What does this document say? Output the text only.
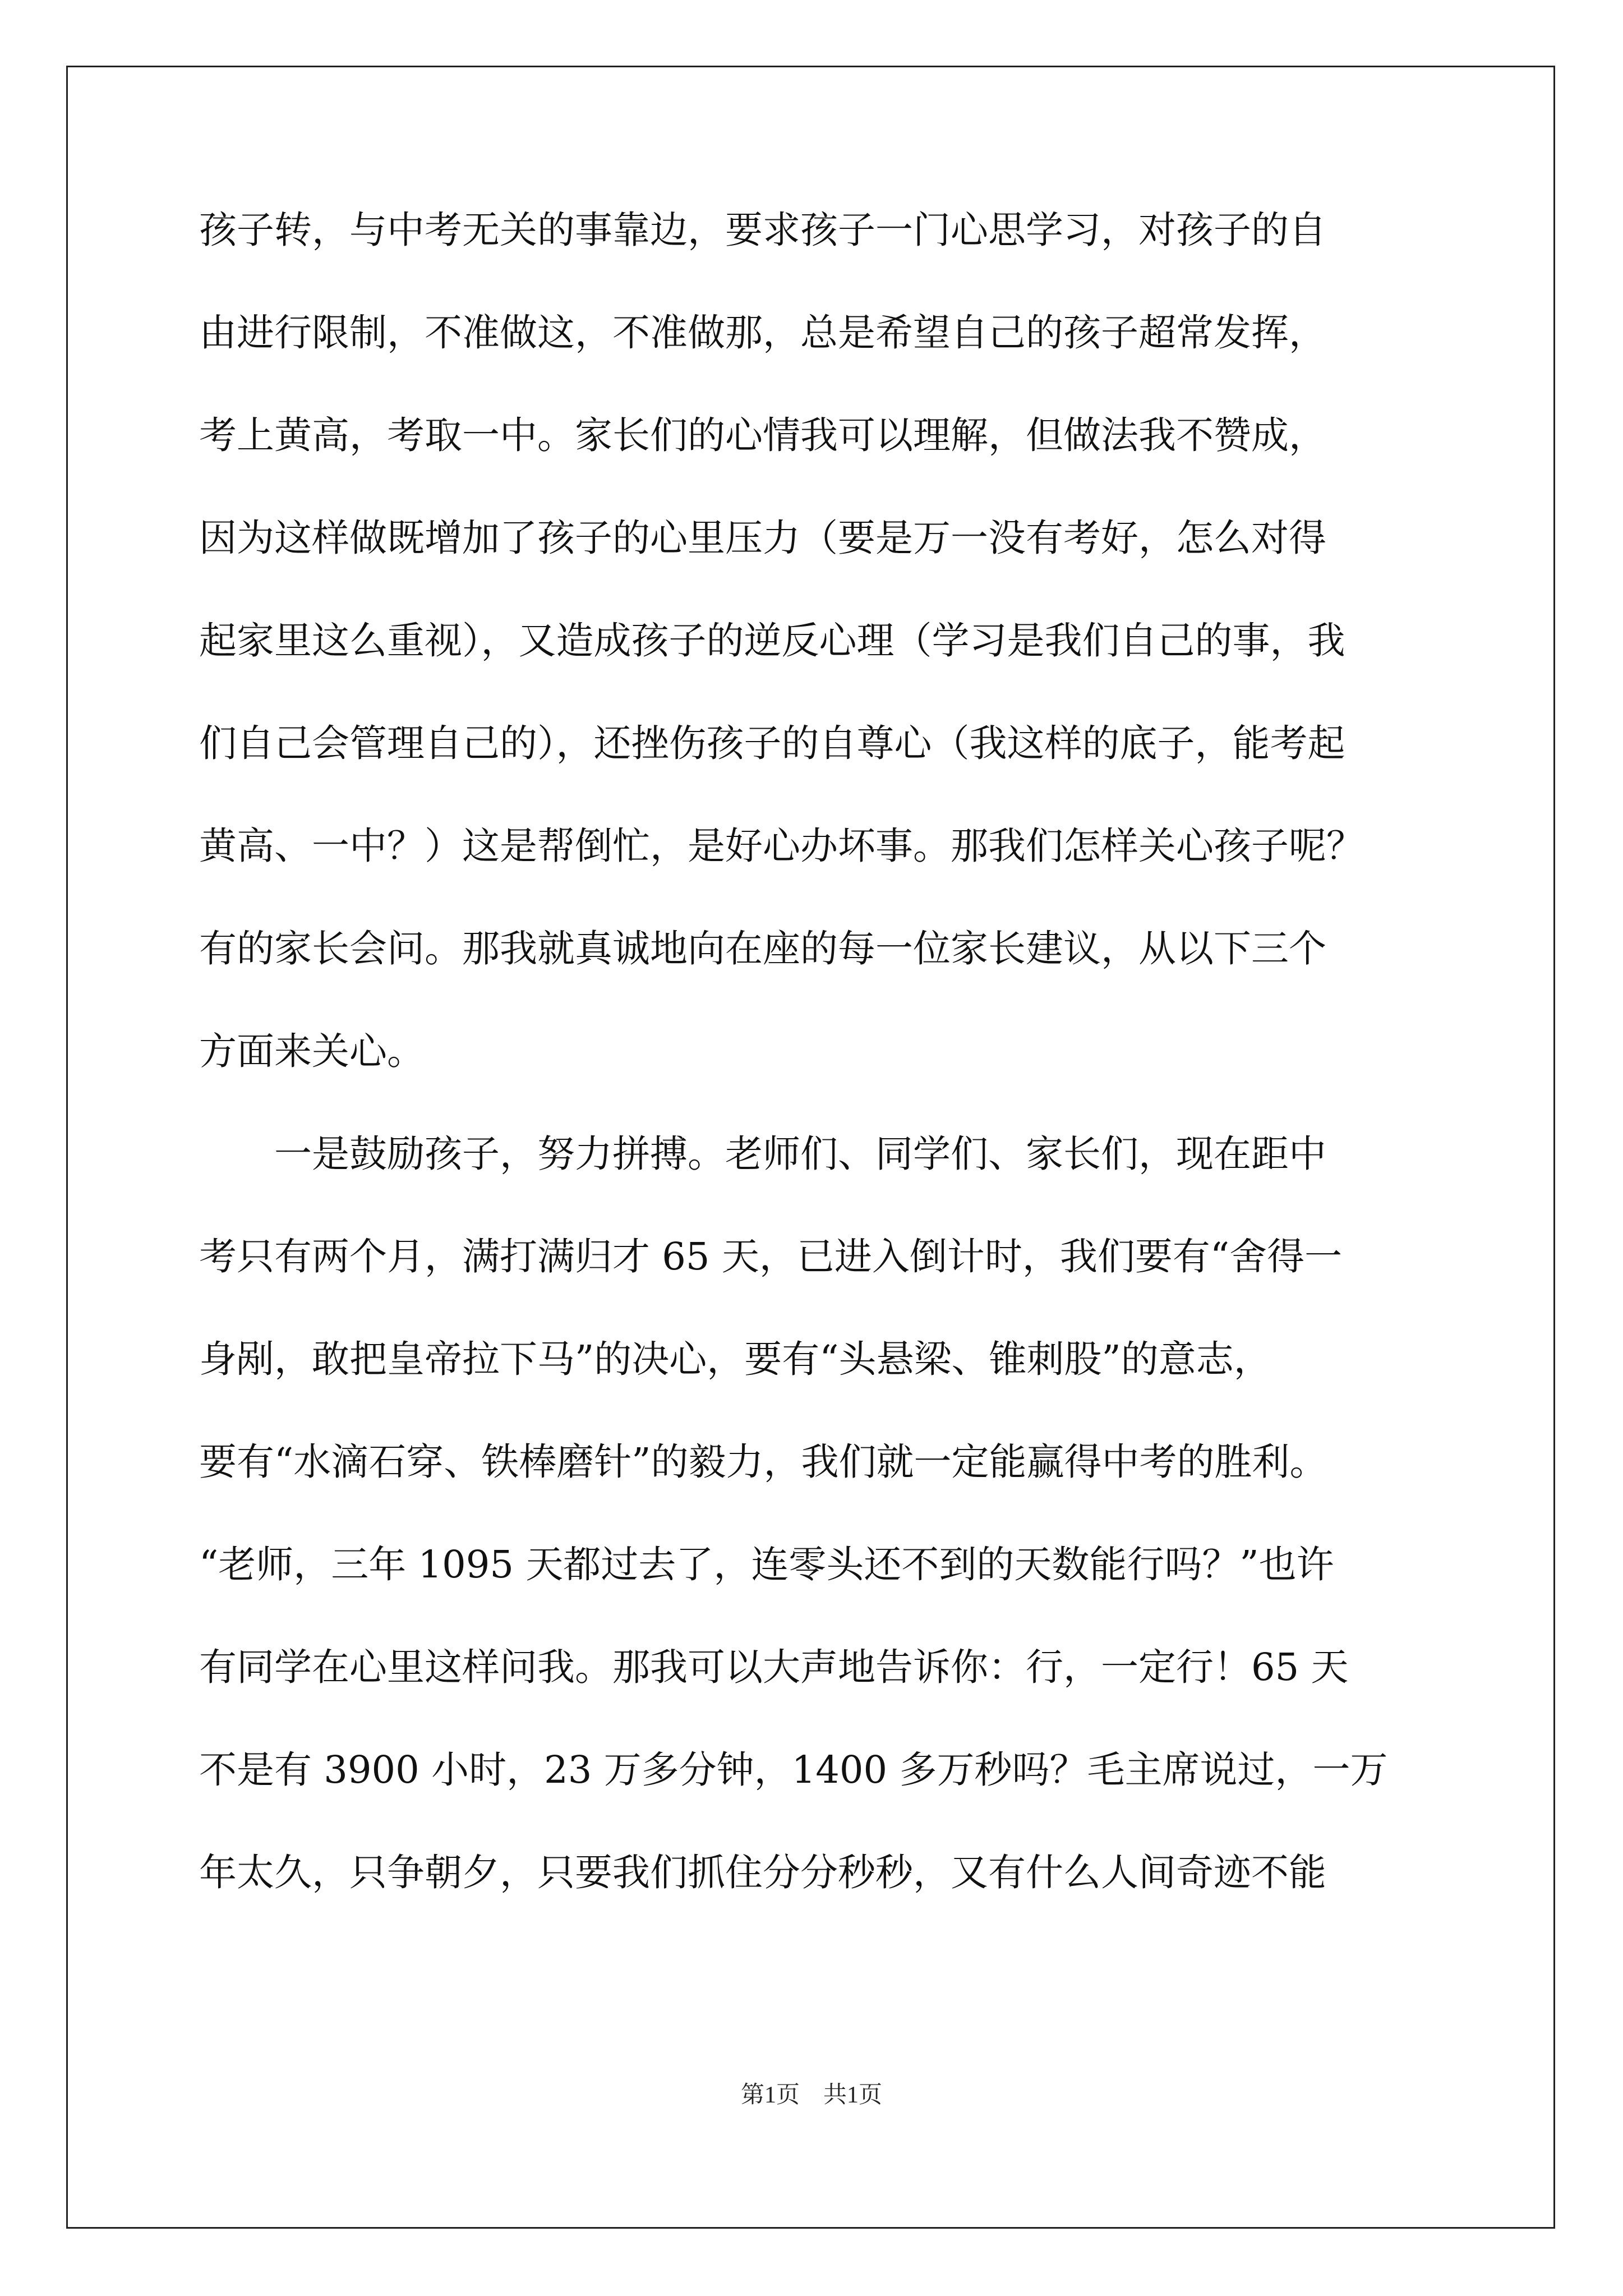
孩子转，与中考无关的事靠边，要求孩子一门心思学习，对孩子的自
由进行限制，不准做这，不准做那，总是希望自己的孩子超常发挥，
考上黄高，考取一中。家长们的心情我可以理解，但做法我不赞成，
因为这样做既增加了孩子的心里压力（要是万一没有考好，怎么对得
起家里这么重视），又造成孩子的逆反心理（学习是我们自己的事，我
们自己会管理自己的），还挫伤孩子的自尊心（我这样的底子，能考起
黄高、一中？）这是帮倒忙，是好心办坏事。那我们怎样关心孩子呢？
有的家长会问。那我就真诚地向在座的每一位家长建议，从以下三个
方面来关心。
　　一是鼓励孩子，努力拼搏。老师们、同学们、家长们，现在距中
考只有两个月，满打满归才 65 天，已进入倒计时，我们要有“舍得一
身剐，敢把皇帝拉下马”的决心，要有“头悬梁、锥刺股”的意志，
要有“水滴石穿、铁棒磨针”的毅力，我们就一定能赢得中考的胜利。
“老师，三年 1095 天都过去了，连零头还不到的天数能行吗？”也许
有同学在心里这样问我。那我可以大声地告诉你：行，一定行！65 天
不是有 3900 小时，23 万多分钟，1400 多万秒吗？毛主席说过，一万
年太久，只争朝夕，只要我们抓住分分秒秒，又有什么人间奇迹不能
第1页　共1页
